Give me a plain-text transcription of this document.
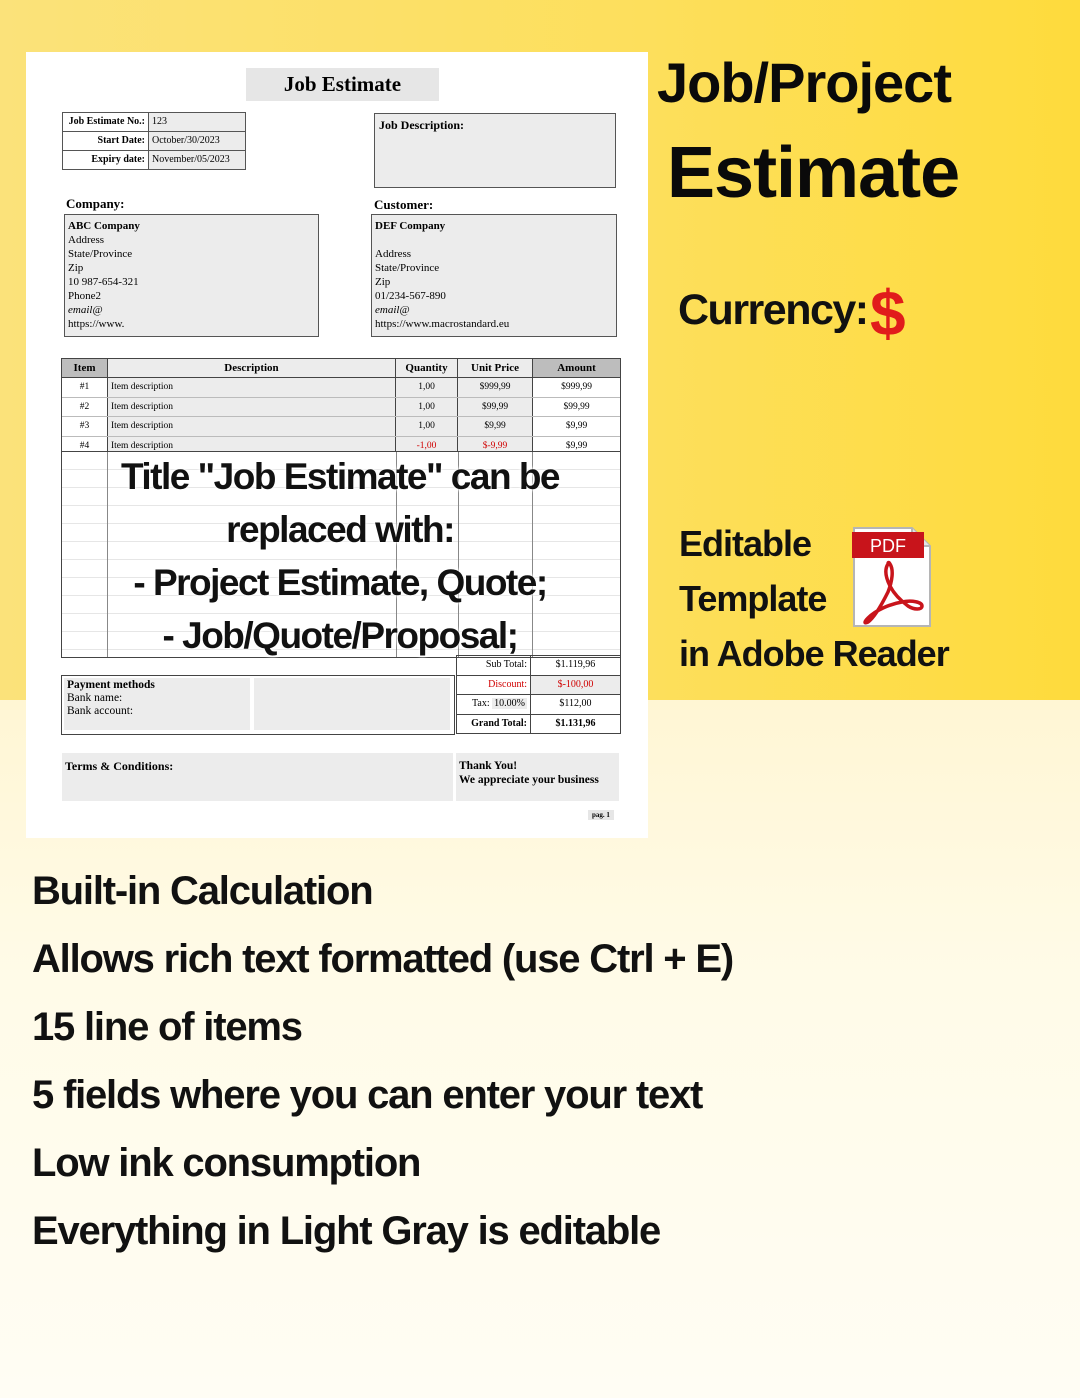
Job Estimate
Job Estimate No.: 123
Start Date: October/30/2023
Expiry date: November/05/2023
Job Description:
Company:
ABC Company
Address
State/Province
Zip
10 987-654-321
Phone2
email@
https://www.
Customer:
DEF Company
Address
State/Province
Zip
01/234-567-890
email@
https://www.macrostandard.eu
Item	Description	Quantity	Unit Price	Amount
#1	Item description	1,00	$999,99	$999,99
#2	Item description	1,00	$99,99	$99,99
#3	Item description	1,00	$9,99	$9,99
#4	Item description	-1,00	$-9,99	$9,99
Title "Job Estimate" can be
replaced with:
- Project Estimate, Quote;
- Job/Quote/Proposal;
Sub Total:	$1.119,96
Discount:	$-100,00
Tax: 10.00%	$112,00
Grand Total:	$1.131,96
Payment methods
Bank name:
Bank account:
Terms & Conditions:	Thank You!
We appreciate your business
pag. 1
Job/Project
Estimate
Currency: $
Editable
Template
in Adobe Reader
PDF
Built-in Calculation
Allows rich text formatted (use Ctrl + E)
15 line of items
5 fields where you can enter your text
Low ink consumption
Everything in Light Gray is editable
